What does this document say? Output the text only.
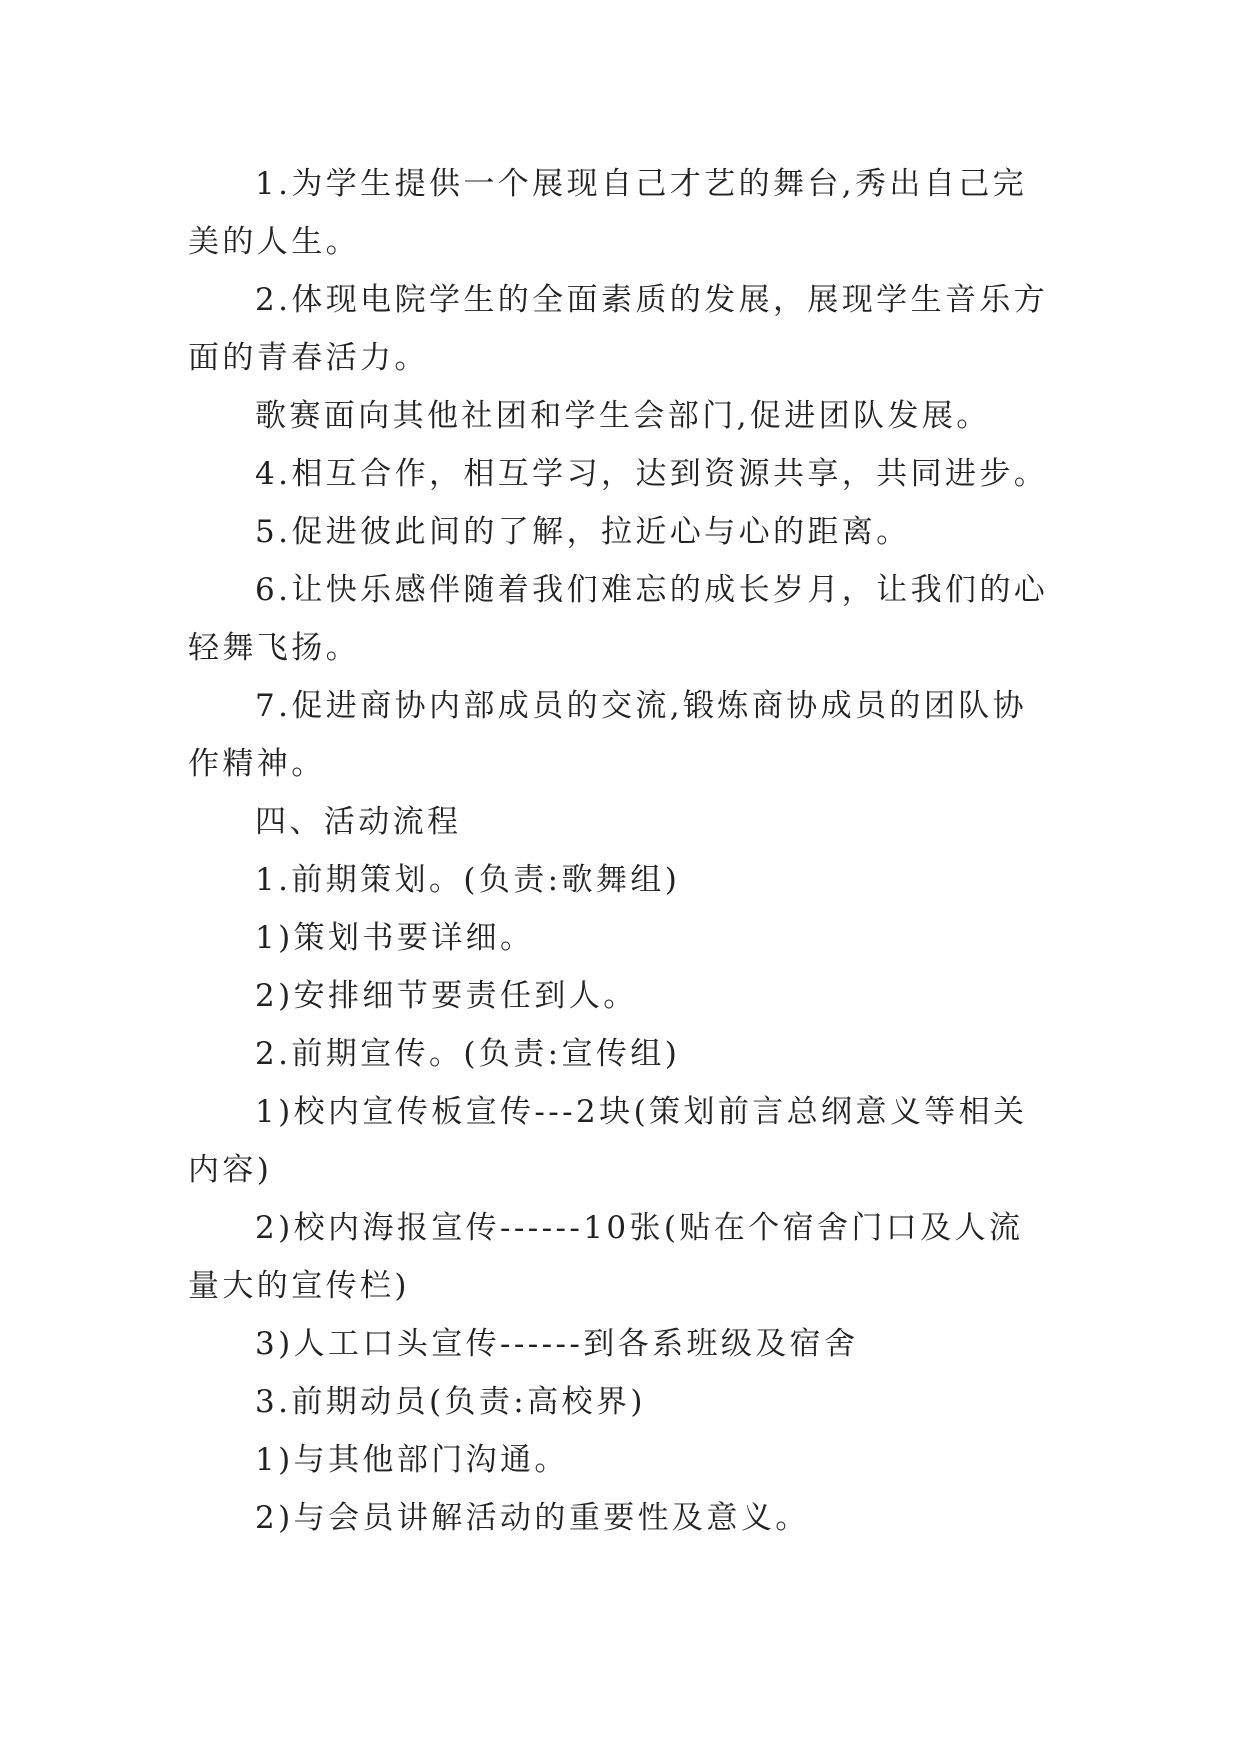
1.为学生提供一个展现自己才艺的舞台,秀出自己完美的人生。

2.体现电院学生的全面素质的发展，展现学生音乐方面的青春活力。

歌赛面向其他社团和学生会部门,促进团队发展。

4.相互合作，相互学习，达到资源共享，共同进步。

5.促进彼此间的了解，拉近心与心的距离。

6.让快乐感伴随着我们难忘的成长岁月，让我们的心轻舞飞扬。

7.促进商协内部成员的交流,锻炼商协成员的团队协作精神。

四、活动流程

1.前期策划。(负责:歌舞组)

1)策划书要详细。

2)安排细节要责任到人。

2.前期宣传。(负责:宣传组)

1)校内宣传板宣传---2块(策划前言总纲意义等相关内容)

2)校内海报宣传------10张(贴在个宿舍门口及人流量大的宣传栏)

3)人工口头宣传------到各系班级及宿舍

3.前期动员(负责:高校界)

1)与其他部门沟通。

2)与会员讲解活动的重要性及意义。
